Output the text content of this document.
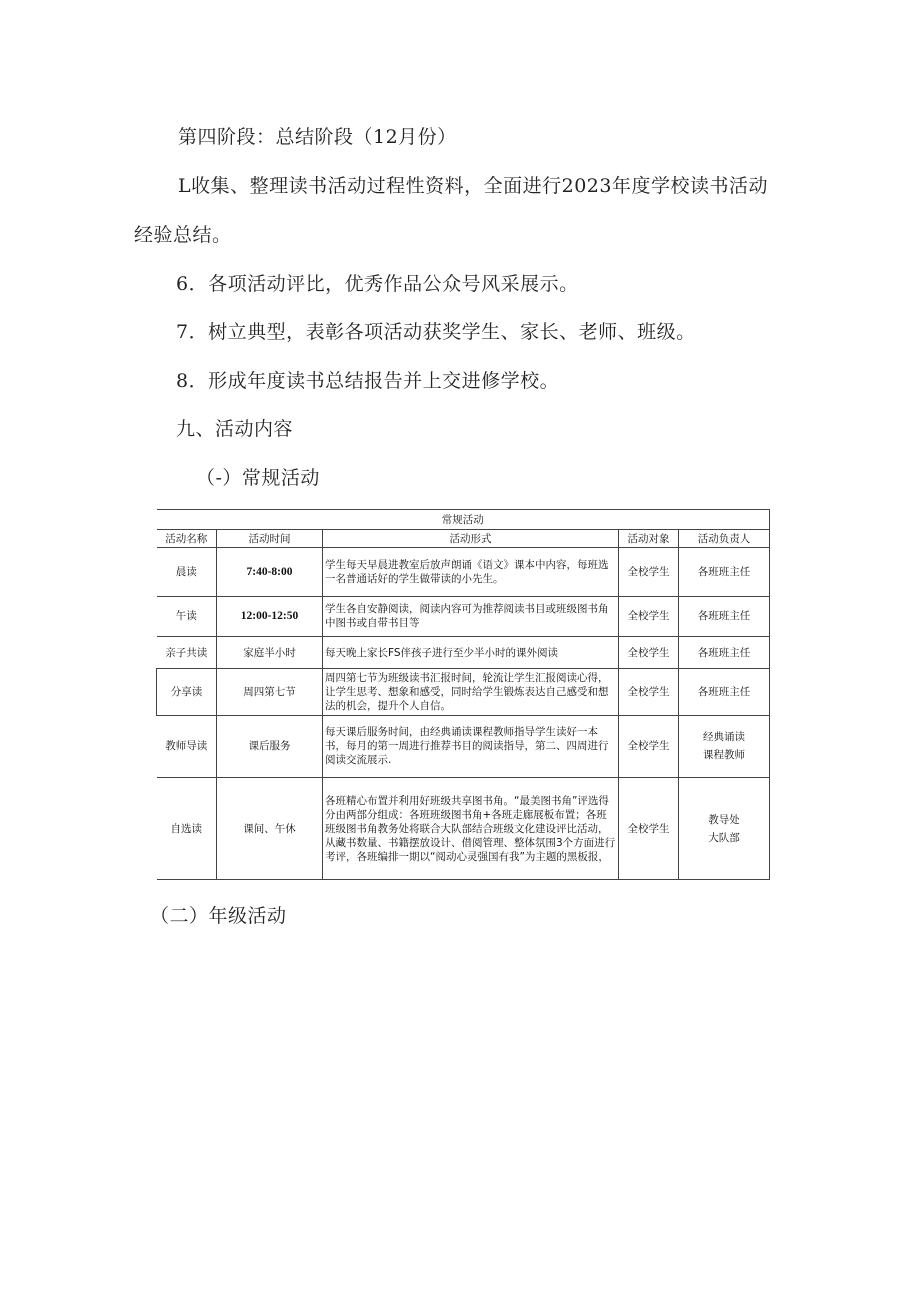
第四阶段：总结阶段（12月份）
L收集、整理读书活动过程性资料，全面进行2023年度学校读书活动
经验总结。
6．各项活动评比，优秀作品公众号风采展示。
7．树立典型，表彰各项活动获奖学生、家长、老师、班级。
8．形成年度读书总结报告并上交进修学校。
九、活动内容
（-）常规活动
常规活动				
活动名称	活动时间	活动形式	活动对象	活动负责人
晨读	7:40-8:00	学生每天早晨进教室后放声朗诵《语文》课本中内容，每班选一名普通话好的学生做带读的小先生。	全校学生	各班班主任
午读	12:00-12:50	学生各自安静阅读，阅读内容可为推荐阅读书目或班级图书角中图书或自带书目等	全校学生	各班班主任
亲子共读	家庭半小时	每天晚上家长FS伴孩子进行至少半小时的课外阅读	全校学生	各班班主任
分享读	周四第七节	周四第七节为班级读书汇报时间，轮流让学生汇报阅读心得，让学生思考、想象和感受，同时给学生锻炼表达自己感受和想法的机会，提升个人自信。	全校学生	各班班主任
教师导读	课后服务	每天课后服务时间，由经典诵读课程教师指导学生读好一本书，每月的第一周进行推荐书目的阅读指导，第二、四周进行阅读交流展示.	全校学生	经典诵读
课程教师

自选读	课间、午休	各班精心布置并利用好班级共享图书角。“最美图书角”评选得分由两部分组成：各班班级图书角+各班走廊展板布置；各班班级图书角教务处将联合大队部结合班级文化建设评比活动，从藏书数量、书籍摆放设计、借阅管理、整体氛围3个方面进行考评，各班编排一期以“阅动心灵强国有我”为主题的黑板报，	全校学生	教导处
大队部
（二）年级活动
